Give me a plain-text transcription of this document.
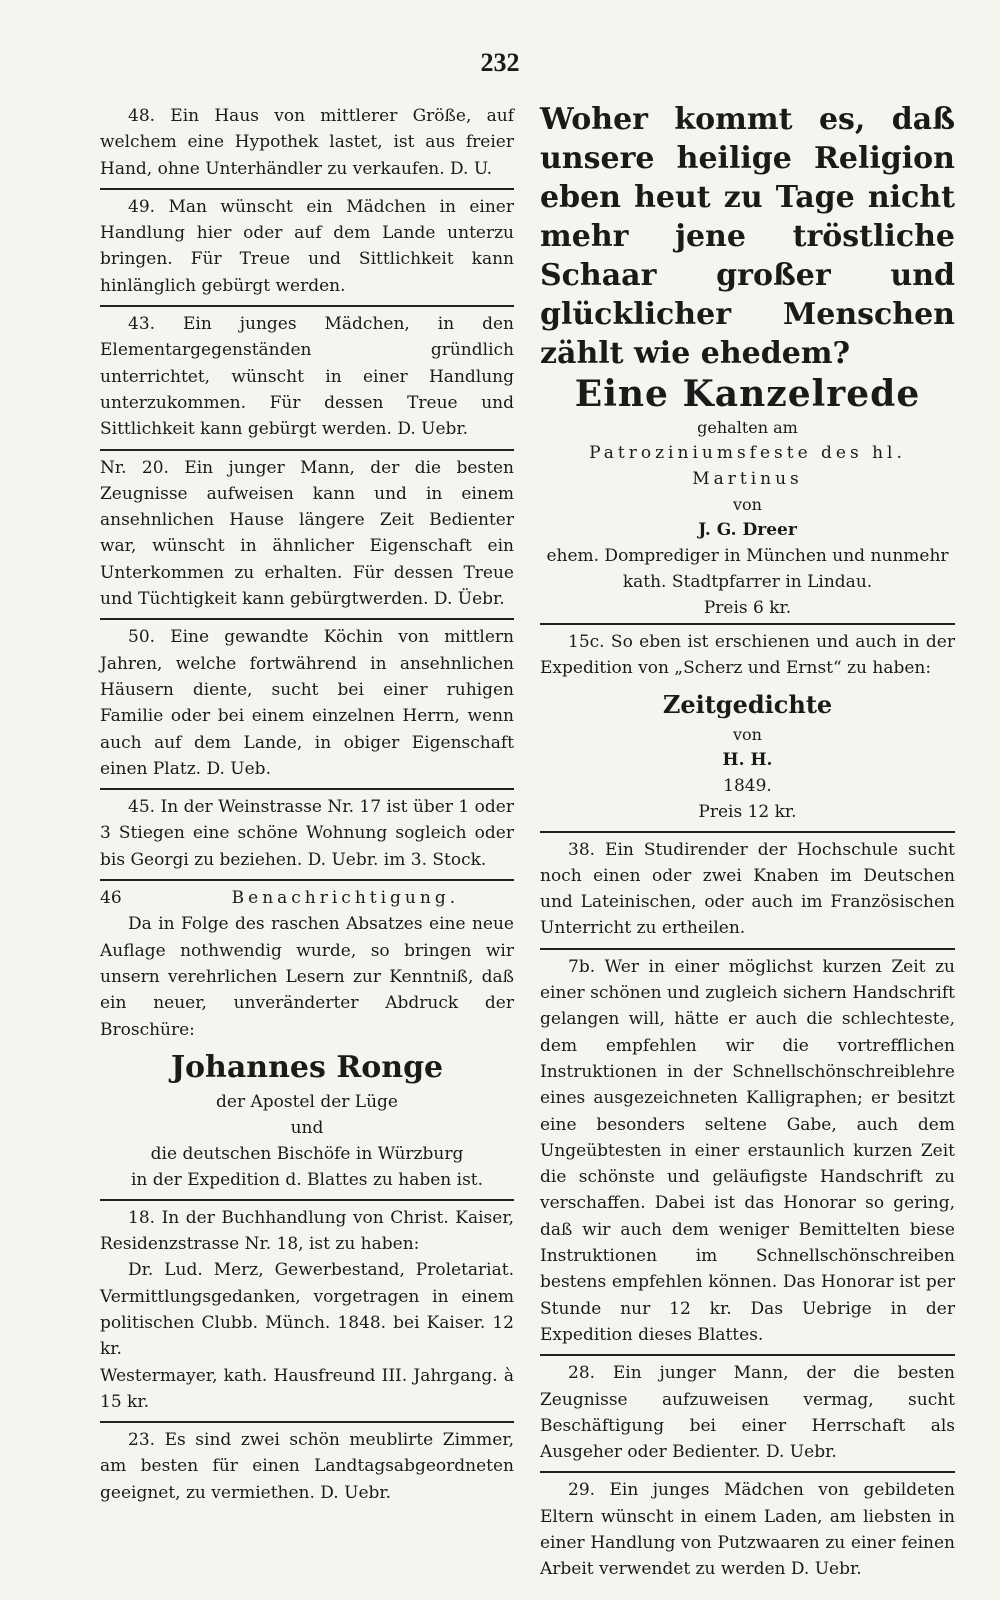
232

48. Ein Haus von mittlerer Größe, auf welchem eine Hypothek lastet, ist aus freier Hand, ohne Unterhändler zu verkaufen. D. U.

49. Man wünscht ein Mädchen in einer Handlung hier oder auf dem Lande unterzu bringen. Für Treue und Sittlichkeit kann hinlänglich gebürgt werden.

43. Ein junges Mädchen, in den Elementargegenständen gründlich unterrichtet, wünscht in einer Handlung unterzukommen. Für dessen Treue und Sittlichkeit kann gebürgt werden. D. Uebr.

Nr. 20. Ein junger Mann, der die besten Zeugnisse aufweisen kann und in einem ansehnlichen Hause längere Zeit Bedienter war, wünscht in ähnlicher Eigenschaft ein Unterkommen zu erhalten. Für dessen Treue und Tüchtigkeit kann gebürgtwerden. D. Üebr.

50. Eine gewandte Köchin von mittlern Jahren, welche fortwährend in ansehnlichen Häusern diente, sucht bei einer ruhigen Familie oder bei einem einzelnen Herrn, wenn auch auf dem Lande, in obiger Eigenschaft einen Platz. D. Ueb.

45. In der Weinstrasse Nr. 17 ist über 1 oder 3 Stiegen eine schöne Wohnung sogleich oder bis Georgi zu beziehen. D. Uebr. im 3. Stock.

46	Benachrichtigung.

Da in Folge des raschen Absatzes eine neue Auflage nothwendig wurde, so bringen wir unsern verehrlichen Lesern zur Kenntniß, daß ein neuer, unveränderter Abdruck der Broschüre:

Johannes Ronge
der Apostel der Lüge
und
die deutschen Bischöfe in Würzburg
in der Expedition d. Blattes zu haben ist.

18. In der Buchhandlung von Christ. Kaiser, Residenzstrasse Nr. 18, ist zu haben:

Dr. Lud. Merz, Gewerbestand, Proletariat. Vermittlungsgedanken, vorgetragen in einem politischen Clubb. Münch. 1848. bei Kaiser. 12 kr.

Westermayer, kath. Hausfreund III. Jahrgang. à 15 kr.

23. Es sind zwei schön meublirte Zimmer, am besten für einen Landtagsabgeordneten geeignet, zu vermiethen. D. Uebr.

Woher kommt es, daß unsere heilige Religion eben heut zu Tage nicht mehr jene tröstliche Schaar großer und glücklicher Menschen zählt wie ehedem?

Eine Kanzelrede
gehalten am
Patroziniumsfeste des hl. Martinus
von
J. G. Dreer
ehem. Domprediger in München und nunmehr kath. Stadtpfarrer in Lindau.
Preis 6 kr.

15c. So eben ist erschienen und auch in der Expedition von „Scherz und Ernst“ zu haben:

Zeitgedichte
von
H. H.
1849.
Preis 12 kr.

38. Ein Studirender der Hochschule sucht noch einen oder zwei Knaben im Deutschen und Lateinischen, oder auch im Französischen Unterricht zu ertheilen.

7b. Wer in einer möglichst kurzen Zeit zu einer schönen und zugleich sichern Handschrift gelangen will, hätte er auch die schlechteste, dem empfehlen wir die vortrefflichen Instruktionen in der Schnellschönschreiblehre eines ausgezeichneten Kalligraphen; er besitzt eine besonders seltene Gabe, auch dem Ungeübtesten in einer erstaunlich kurzen Zeit die schönste und geläufigste Handschrift zu verschaffen. Dabei ist das Honorar so gering, daß wir auch dem weniger Bemittelten biese Instruktionen im Schnellschönschreiben bestens empfehlen können. Das Honorar ist per Stunde nur 12 kr. Das Uebrige in der Expedition dieses Blattes.

28. Ein junger Mann, der die besten Zeugnisse aufzuweisen vermag, sucht Beschäftigung bei einer Herrschaft als Ausgeher oder Bedienter. D. Uebr.

29. Ein junges Mädchen von gebildeten Eltern wünscht in einem Laden, am liebsten in einer Handlung von Putzwaaren zu einer feinen Arbeit verwendet zu werden D. Uebr.
